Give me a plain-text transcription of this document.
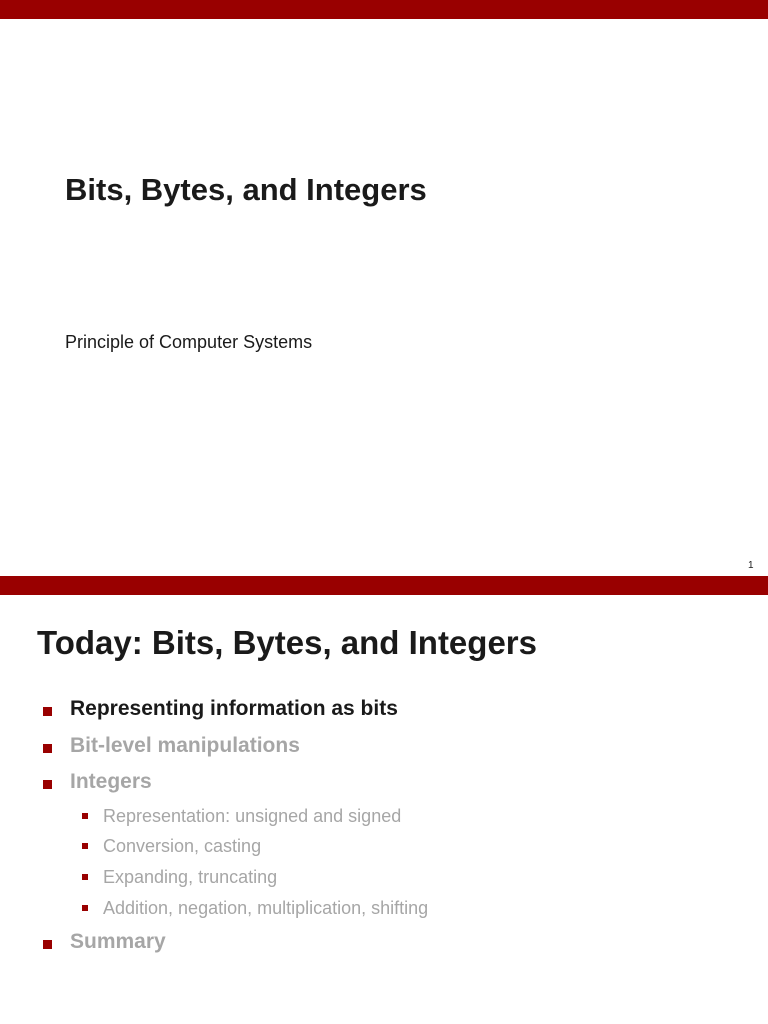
Bits, Bytes, and Integers
Principle of Computer Systems
1
Today: Bits, Bytes, and Integers
Representing information as bits
Bit-level manipulations
Integers
Representation: unsigned and signed
Conversion, casting
Expanding, truncating
Addition, negation, multiplication, shifting
Summary
